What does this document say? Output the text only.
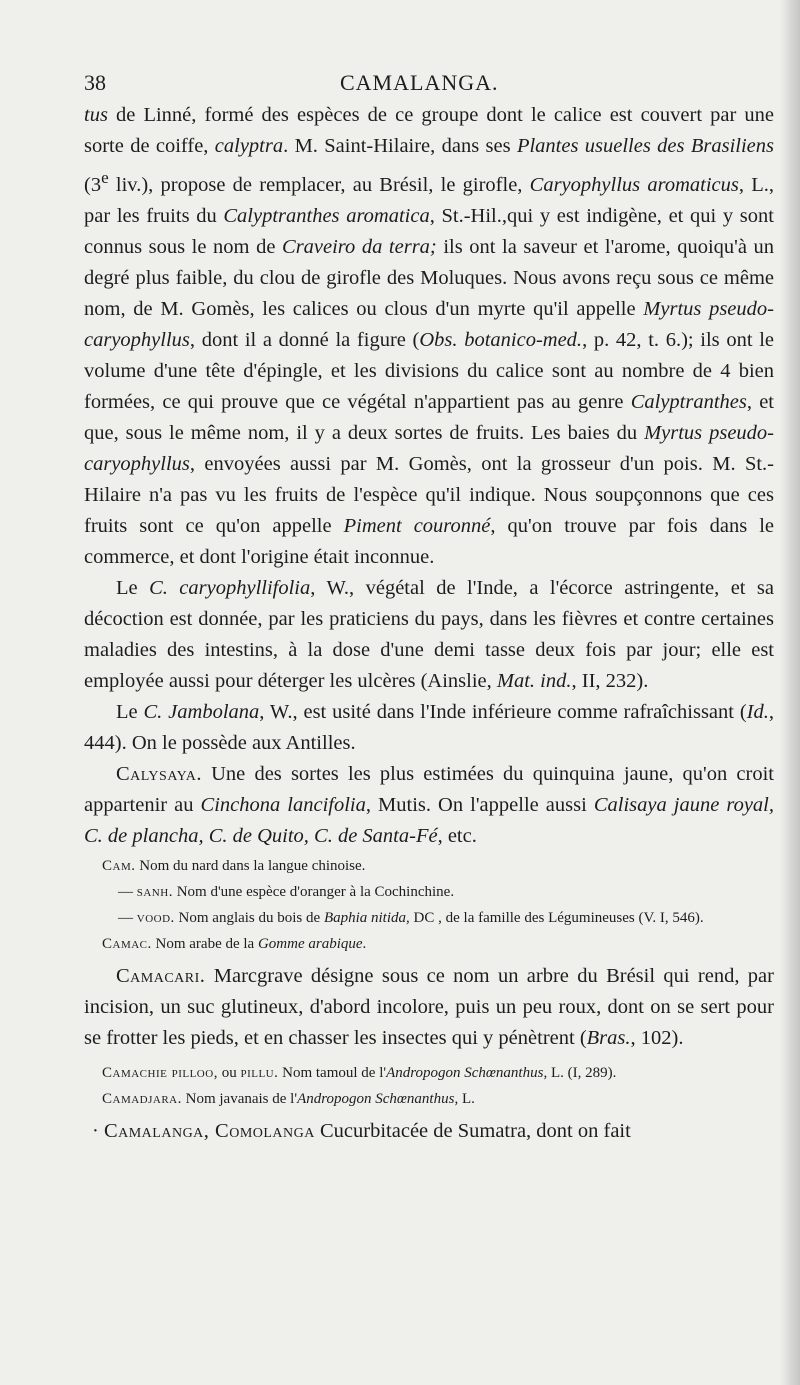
38	CAMALANGA.

tus de Linné, formé des espèces de ce groupe dont le calice est couvert par une sorte de coiffe, calyptra. M. Saint-Hilaire, dans ses Plantes usuelles des Brasiliens (3e liv.), propose de remplacer, au Brésil, le girofle, Caryophyllus aromaticus, L., par les fruits du Calyptranthes aromatica, St.-Hil.,qui y est indigène, et qui y sont connus sous le nom de Craveiro da terra; ils ont la saveur et l'arome, quoiqu'à un degré plus faible, du clou de girofle des Moluques. Nous avons reçu sous ce même nom, de M. Gomès, les calices ou clous d'un myrte qu'il appelle Myrtus pseudo-caryophyllus, dont il a donné la figure (Obs. botanico-med., p. 42, t. 6.); ils ont le volume d'une tête d'épingle, et les divisions du calice sont au nombre de 4 bien formées, ce qui prouve que ce végétal n'appartient pas au genre Calyptranthes, et que, sous le même nom, il y a deux sortes de fruits. Les baies du Myrtus pseudo-caryophyllus, envoyées aussi par M. Gomès, ont la grosseur d'un pois. M. St.-Hilaire n'a pas vu les fruits de l'espèce qu'il indique. Nous soupçonnons que ces fruits sont ce qu'on appelle Piment couronné, qu'on trouve par fois dans le commerce, et dont l'origine était inconnue.

Le C. caryophyllifolia, W., végétal de l'Inde, a l'écorce astringente, et sa décoction est donnée, par les praticiens du pays, dans les fièvres et contre certaines maladies des intestins, à la dose d'une demi tasse deux fois par jour; elle est employée aussi pour déterger les ulcères (Ainslie, Mat. ind., II, 232).

Le C. Jambolana, W., est usité dans l'Inde inférieure comme rafraîchissant (Id., 444). On le possède aux Antilles.

Calysaya. Une des sortes les plus estimées du quinquina jaune, qu'on croit appartenir au Cinchona lancifolia, Mutis. On l'appelle aussi Calisaya jaune royal, C. de plancha, C. de Quito, C. de Santa-Fé, etc.

Cam. Nom du nard dans la langue chinoise.

— sanh. Nom d'une espèce d'oranger à la Cochinchine.

— vood. Nom anglais du bois de Baphia nitida, DC , de la famille des Légumineuses (V. I, 546).

Camac. Nom arabe de la Gomme arabique.

Camacari. Marcgrave désigne sous ce nom un arbre du Brésil qui rend, par incision, un suc glutineux, d'abord incolore, puis un peu roux, dont on se sert pour se frotter les pieds, et en chasser les insectes qui y pénètrent (Bras., 102).

Camachie pilloo, ou pillu. Nom tamoul de l'Andropogon Schœnanthus, L. (I, 289).

Camadjara. Nom javanais de l'Andropogon Schœnanthus, L.

· Camalanga, Comolanga Cucurbitacée de Sumatra, dont on fait
